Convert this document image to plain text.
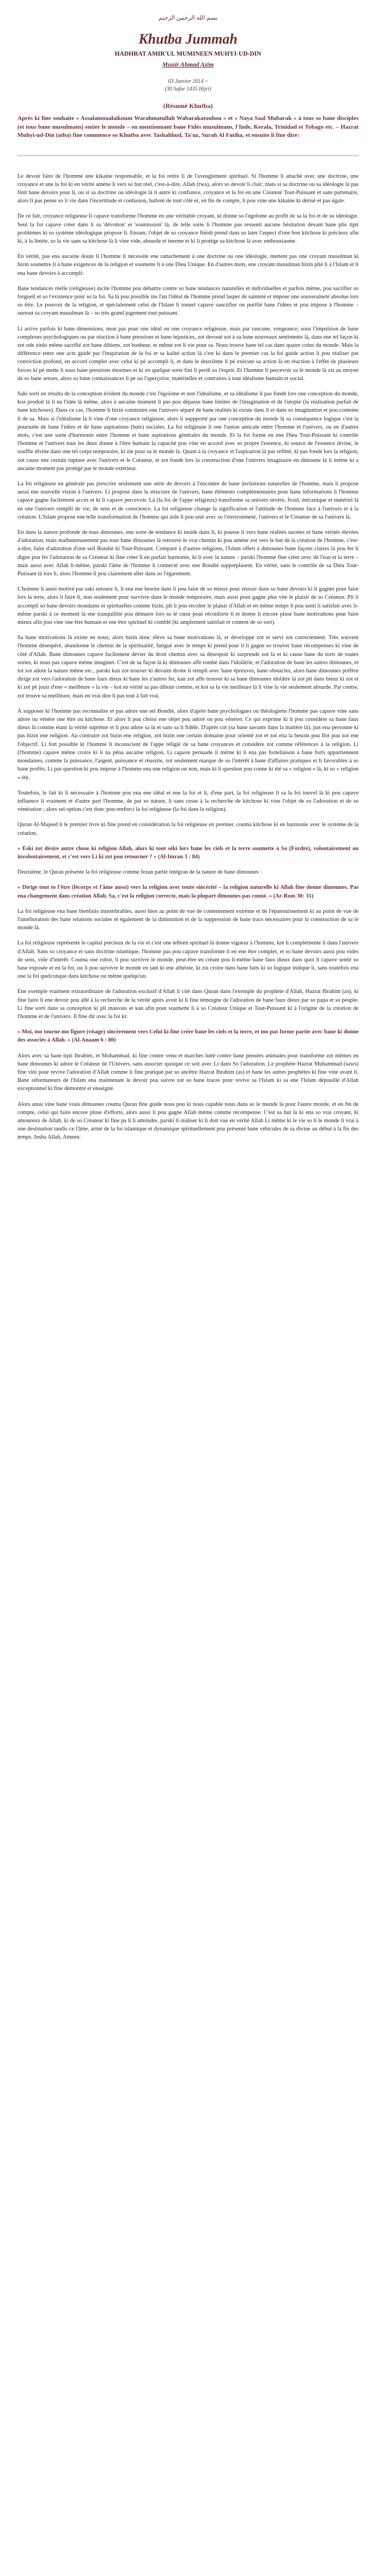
بسم الله الرحمن الرحيم
Khutba Jummah
HADHRAT AMIR'UL MUMINEEN MUHYI-UD-DIN
Munir Ahmad Azim
03 Janvier 2014 ~
(30 Safar 1435 Hijri)
(Résumé Khutba)

Après ki fine souhaite « Assalamoualaikoum Warahmatullah Wabarakatouhou » et « Naya Saal Mubarak » à tous so bane disciples (et tous bane musulmans) entier le monde – en mentionnant bane Fidès musulmans, l'Inde, Kerala, Trinidad et Tobago etc. – Hazrat Muhyi-ud-Din (atba) fine commence so Khutba avec Tashahhud, Ta'uz, Surah Al Fatiha, et ensuite li fine dire:

Le devoir faire de l'homme une kikaine responsable, et la foi retire li de l'aveuglement spirituel. Si l'homme li attaché avec une doctrine, une croyance et une la foi ki en vérité amène li vers so but réel, c'est-à-dire, Allah (twa), alors so devoir li clair; mais si sa doctrine ou sa idéologie là pas finit bane devoirs pour li, ou si sa doctrine ou idéologie là li autre ki confiance, croyance et la foi en une Créateur Tout-Puissant et sans partenaire, alors li pas pense so li vie dans l'incertitude et confusion, balloté de tout côté et, en fin de compte, li pou vine une kikaine ki dérisé et pas égale.

De ce fait, croyance religieuse li capave transforme l'homme en une véritable croyant, ki donne so l'égoïsme au profit de sa la foi et de so idéologie. Seul la foi capave créer dans li sa 'dévotion' et 'soumission' là, de telle sorte li l'homme pas ressenti aucune hésitation devant bane plis tipti problèmes ki so système idéologique propose li. Ensam, l'objet de so croyance finish prend dans so later l'aspect d'one bon kitchose ki précieux afin ki, à la limite, so la vie sans sa kitchose là li vine vide, absurde et inerme et ki li protège sa kitchose là avec enthousiasme.

En vérité, pas ena aucaine doute li l'homme li nécessite ene rattachement à one doctrine ou one idéologie, mettent pas one croyant musulman ki bizin sounettre li à bane exigences de la religion et soumette li à one Dieu Unique. En d'autres mots, ene croyant musulman bizin plié li à l'Islam et li ena bane devoirs à accompli:

Bane tendances réelle (religieuse) incite l'homme pou débattre contre so bane tendances naturelles et individuelles et parfois même, pou sacrifier so forgueil et so l'existence pour so la foi. Sa là pou possible ins l'an l'idéal de l'homme prend lasper de sainteté et impose une souveraineté absolue lors so être. Le pouvoir de la religion, et spécialement celui de l'Islam li tonnel capave sanctifier ou purifié bane l'idées et pou impose à l'homme – surtout sa croyant musulman là – so très grand jugement tout puissant.

Li arrive parfois ki bane dimensions, mon pas pour one idéal ou one croyance religieuse, mais par rancune, vengeance, sous l'impulsion de bane complexes psychologiques ou par réaction à bane pressions et bane injustices, zot devoué zot à sa bane nouveaux sentiments là, dans ene tel façon ki zot ode zinlo même sacrifié zot bane dibiens, zot bonheur, et même zot li vie pour sa. Nous trouve bane tel cas dans quatre coins du monde. Mais la différence entre one acte guidé par l'inspiration de la foi et sa kalité action là c'est ki dans le premier cas la foi guide action li pou réaliser par conviction profond, en accord complet avec celui ki pé accompli li, et dans le deuxième li pé exécute sa action là en réaction à l'effet de plusieurs forces ki pé mette li sous bane pressions énormes et ki en quelque sorte fini li perdi so l'esprit. Et l'homme li percevoir sa le monde là zis au moyen de so bane senses, alors so bane connaissances li pe ou l'aperçoive, matérielles et contraires à tout idéalisme humain et social.

Saki sorti en résulta de la conception évident du monde c'est l'égoïsme et non l'idéalisme, et sa idéalisme li pas fondé lors one conception du monde, koz produit là li na l'idée là même, alors à aucaine moment li pas pou dépasse bane limites de l'imagination et de l'utopie (la réalisation parfait de bane kitchoses). Dans ce cas, l'homme li bizin construire one l'univers séparé de bane réalités ki existe dans li et dans so imagination et pou contente li de sa. Mais si l'idéalisme là li vine d'one croyance religieuse, alors li suppporté par one conception du monde là sa conséquence logique c'est la poursuite de bane l'idées et de bane aspirations (buts) sociales. La foi religieuse li one l'union amicale entre l'homme et l'univers, ou en d'autres mots, c'est une sorte d'harmonie entre l'homme et bane aspirations générales du monde. Et la foi forme en ene Dieu Tout-Puissant ki contrôle l'homme et l'univers tous les deux donne à l'être humain la capacité pou vine en accord avec so propre l'essence, ki source de l'essence divine, le souffle divine dans one tel corps temporaire, ki zie pour sa le monde là. Quant à la croyance et l'aspiration là pas reflété, ki pas fondé lors la religion, zot cause ene certain rupture avec l'univers et le Créateur, et zot fondé lors la construction d'one l'univers imaginaire en dimoune là li même ki a aucaine moment pas protégé par le monde extérieur.

La foi religieuse en générale pas prescrire seulement une série de devoirs à l'encontre de bane invitations naturelles de l'homme, mais li propose aussi ene nouvelle vision à l'univers. Li propose dans la structure de l'univers, bane éléments complémentaires pour bane informations li l'homme capave gagne facilement accès et ki li capave percevoir. Là (la foi de l'appe religieux) transforme sa univers sévère, froid, mécanique et matériel là en one l'univers remplit de vie, de sens et de conscience. La foi religieuse change la signification et l'attitude de l'homme face à l'univers et à la création. L'Islam propose ene telle transformation de l'homme qui aide li pou unir avec so l'environment, l'univers et le Créateur de sa l'univers là.

En dans la nature profonde de tous dimounes, ene sorte de tendance ki inside dans li, ki pousse li vers bane réalités sacrées et bane vérités élevées d'adoration, mais malheureusement pas tous bane dimounes là retrouve le vrai chemin ki pou amène zot vers le but de la création de l'homme, c'est-à-dire, faire d'adoration d'one seil Bondié ki Tout-Puissant. Comparé à d'autres religions, l'Islam offert à dimounes bane façons claires là pou fer li digne pou fer l'adoration de sa Créateur ki fine créer li en parfait harmonie, ki li avec la nature – parski l'homme fine créer avec de l'eau et la terre – mais aussi avec Allah li-même, parski l'âme de l'homme li connecté avec ene Bondié suppréplasent. En vérité, sans le contrôle de sa Dieu Tout-Puissant là lors li, alors l'homme li pou clairement aller dans so l'égarement.

L'homme li aussi motivé par saki entoure li, li ena ene besoin dans li pou faire de so mieux pour réussir dans so bane devoirs ki li gagner pour faire lors la terre, alors li faire li, non seulement pour survivre dans le monde temporaire, mais aussi pour gagne plus vite le plaisir de so Créateur. Pli li accompli so bane devoirs mondains et spirituelles comme bizin, pli li pou récolter le plaisir d'Allah et en même temps li pou senti li satisfait avec li-même parski à ce moment là ene tranquillité pou démarre lors so lé cœur pour réconforte li et donne li encore pluse bane motivations pour faire mieux afin pou vine one être humain et ene être spirituel ki comblé (ki amplement satisfait et content de so sort).

Sa bane motivations là existe en nous; alors bizin donc élève sa bane motivations là, et développe zot et servi zot correctement. Très souvent l'homme désespéré, abandonne le chemin de la spiritualité, fatigué avec le temps ki prend pour li li gagne so trouver bane récompenses ki vine de côté d'Allah. Bane dimounes capave facilement dévier du droit chemin avec sa désespoir ki surprende zot là et ki cause bane du torts de toutes sortes, ki nous pas capave même imaginer. C'est de sa façon là ki dimounes affe tombé dans l'idolâtrie, et l'adoration de bane les autres dimounes, et lot zot adore la nature même etc., parski kan zot trouver ki devaim droite li rempli avec bane épreuves, bane obstacles, alors bane dimounes préfère dirige zot vers l'adoration de bane faux dieux ki bane les z'autres fer, kan zot affe trouver ki sa bane dimounes idolâtre là zot pli dans bienz ki zot et ki zot pé jouir d'ene « meilleure » la vie – kot en vérité sa pas dibout comme, et kot sa la vie meilleure là li vine la vie seulement absurde. Par contre, zot trouve sa meilleure, mais en vrai dire li pas tout à fait vrai.

À supposer ki l'homme pas reconnaître et pas adore ene sel Bondié, alors d'après bane psychologues ou théologiens l'homme pas capave vine sans adore ou vénère one être ou kitchose. Et alors li pou choisi ene objet pou adoré ou pou vénérer. Ce qui exprime ki li pou considère sa bane faux dieux là comme étant la vérité suprême et li pou adore sa là et sans sa li fidèle. D'après cot (sa bane savants dans la matière là), pas ena personne ki pas bizin ene religion. Au contraire zot bizin ene religion, zot bizin one certain domaine pour orienté zot et zot ena la besoin pou flot pou zot ene l'objectif. Li fort possible ki l'homme li inconscient de l'appe réligié de sa bane croyances et considère zot comme références à la religion. Li (l'homme) capave même croire ki li na pêna aucaine religion. Li capave persuade li même ki li ena pas forteliaison à bane forts appartiennent mondaines, comme la puissance, l'argent, puissance et réussite, zot seulement marque de so l'intérêt à bane d'affaires pratiques et li favorables à so bane profits. Li pas question ki pou impose à l'homme ena ene religion ou non, mais ki li question pou conne ki été sa « religion » là, ki so « religion » été.

Toutefois, le fait ki li nécessaire à l'homme pou ena ene idéal et ene la foi et li, d'ene part, la foi religieuse li sa la foi touvel là ki pou capave influence li vraiment et d'autre part l'homme, de par so nature, li sans cesse à la recherche de kitchose ki vine l'objet de so l'adoration et de so vénération ; alors sel option c'est donc pou renforci la foi religieuse (la foi dans la religion).

Quran Al-Majeed li le premier livre ki fine prend en considération la foi religieuse en premier, couma kitchose ki en harmonie avec le système de la création.

« Éski zot désire autre chose ki religion Allah, alors ki tout séki lors bane les ciels et la terre soumette à So (Fordre), volontairement ou involontairement, et c'est vers Li ki zot pou retourner ? » (Al-Imran 3 : 84)

Deuxième, le Quran présente la foi religieuse comme fezan partie intégran de la nature de bane dimounes :

« Dirige tout to l'être (lécorps et l'âme aussi) vers la religion avec toute sincérité – la religion naturelle ki Allah fine donne dimounes. Pas ena changement dans création Allah. Sa, c'est la religion correcte, mais la plupart dimounes pas conné. » (Ar-Rom 30: 31)

La foi religieuse ena bane bienfaits innombrables, aussi bien au point de vue de contentement extrème et de l'épanouissement ki au point de vue de l'amélioration des bane relations sociales et également de la diminution et de la suppression de bane tracs nécessaires pour la construction de sa le monde là.

La foi religieuse représente le capital précieux de la vie et c'est one telbien spirituel là donne vigueur à l'homme, kot li complémente li dans l'univers d'Allah. Sans so croyance et sans doctrine islamique, l'homme pas pou capave transforme li en ene être complet, et so bane devoirs aussi pou vides de sens, vide d'intérêt. Couma one robot, li pou survivre le monde, peut-être en créant pou li-même bane faux dieux dans quoi li capave sentir so base exposée et en la foi, ou li pou survivre le monde en tant ki ene athéiste, ki zis croire dans bane faits ki so logique indique li, sans toutefois ena one la foi quelconque dans kitchose ou même quelqu'un.

Ene exemple vraiment extraordinaire de l'adoration exclusif d'Allah li cité dans Quran dans l'exemple du prophète d'Allah, Hazrat Ibrahim (as), ki fine faire li ene devoir pou allé à la recherche de la vérité après avoir ki li fine témoigne de l'adoration de bane faux dieux par so papa et so peuple. Li fine sorti dans sa conception ki pli mauvais et kan afin pour soumette li à so Créateur Unique et Tout-Puissant ki à l'origine de la création de l'homme et de l'univers. Il fine dir avec la foi ki:

« Moi, mo tourne mo figure (visage) sincèrement vers Celui ki fine créer bane les ciels et la terre, et mo pas forme partie avec bane ki donne des associés à Allah. » (Al-Anaam 6 : 80)

Alors avec sa bane tipti Ibrahim, et Mohammad, ki fine contre venu et marches lutté contre bane pensées animales pour transforme zot mêmes en bane dimounes ki adore le Créateur de l'Univers, sans associer quoique ce soit avec Li dans So l'adoration. Le prophète Hazrat Muhammad (saws) fine vini pour revive l'adoration d'Allah comme li fine pratiqué par so ancêtre Hazrat Ibrahim (as) et bane les autres prophètes ki fine vine avant li. Bane réformateurs de l'Islam ena maintenant le devoir pou suivre zot so bane traces pour revive sa l'Islam ki sa ene l'Islam dépouillé d'Allah exceptionnel ki fine démontré et enseigné.

Alors anou vine bane vrais dimounes couma Quran fine guide nous pou ki nous capable nous dans so le monde là pour l'autre monde, et en fin de compte, celui qui faire encore pluse d'efforts, alors aussi li pou gagne Allah même comme récompense. C'est sa but là ki ena so vrai croyant, ki amoureux de Allah, ki de so Créateur ki fine pa li li atteindre, parski li réaliser ki li doit vue en vérité Allah Li même ki le vie so li le monde li vrai à one destination tandis ce l'âme, armé de la foi islamique et dynamique spirituellement pou présenté bane véhicules de sa divine au début à la fin des temps. Insha Allah, Ameen.
